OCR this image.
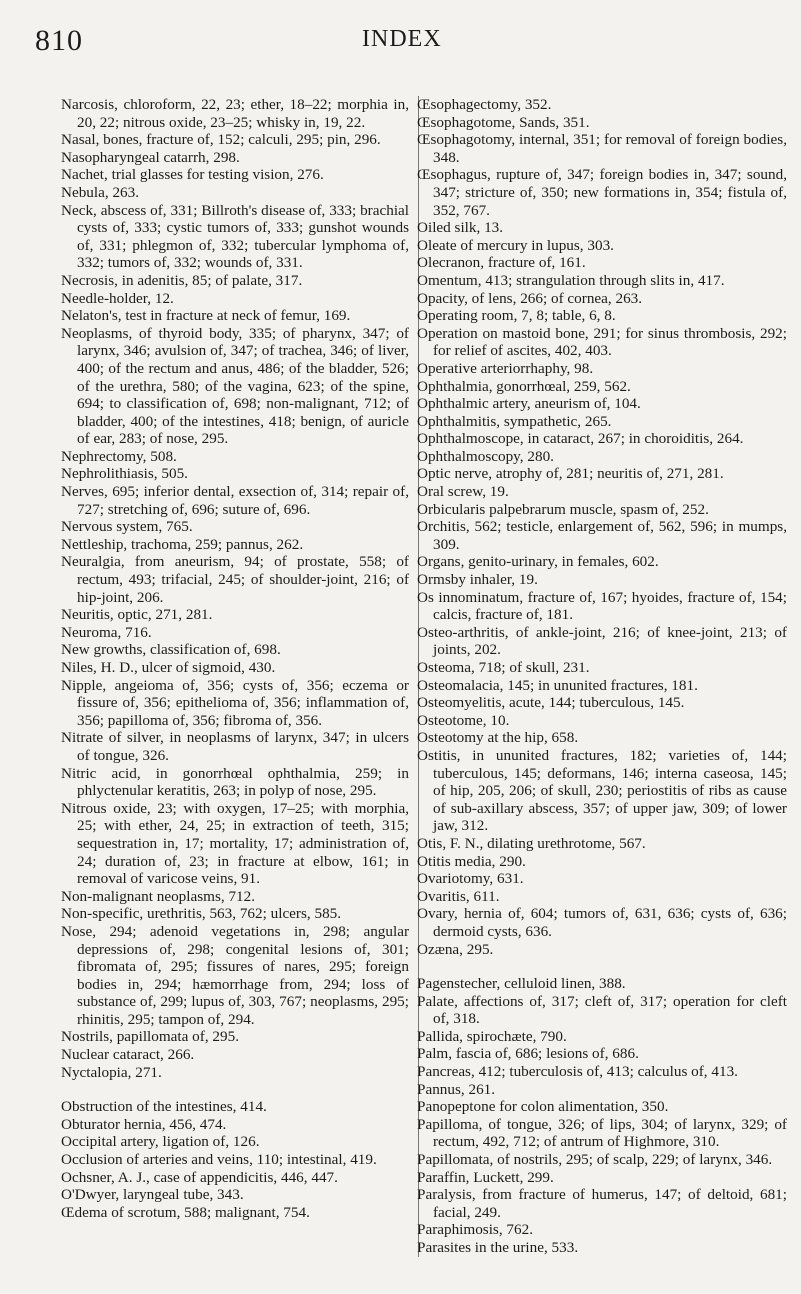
810	INDEX

Narcosis, chloroform, 22, 23; ether, 18–22; morphia in, 20, 22; nitrous oxide, 23–25; whisky in, 19, 22.

Nasal, bones, fracture of, 152; calculi, 295; pin, 296.

Nasopharyngeal catarrh, 298.

Nachet, trial glasses for testing vision, 276.

Nebula, 263.

Neck, abscess of, 331; Billroth's disease of, 333; brachial cysts of, 333; cystic tumors of, 333; gunshot wounds of, 331; phlegmon of, 332; tubercular lymphoma of, 332; tumors of, 332; wounds of, 331.

Necrosis, in adenitis, 85; of palate, 317.

Needle-holder, 12.

Nelaton's, test in fracture at neck of femur, 169.

Neoplasms, of thyroid body, 335; of pharynx, 347; of larynx, 346; avulsion of, 347; of trachea, 346; of liver, 400; of the rectum and anus, 486; of the bladder, 526; of the urethra, 580; of the vagina, 623; of the spine, 694; to classification of, 698; non-malignant, 712; of bladder, 400; of the intestines, 418; benign, of auricle of ear, 283; of nose, 295.

Nephrectomy, 508.

Nephrolithiasis, 505.

Nerves, 695; inferior dental, exsection of, 314; repair of, 727; stretching of, 696; suture of, 696.

Nervous system, 765.

Nettleship, trachoma, 259; pannus, 262.

Neuralgia, from aneurism, 94; of prostate, 558; of rectum, 493; trifacial, 245; of shoulder-joint, 216; of hip-joint, 206.

Neuritis, optic, 271, 281.

Neuroma, 716.

New growths, classification of, 698.

Niles, H. D., ulcer of sigmoid, 430.

Nipple, angeioma of, 356; cysts of, 356; eczema or fissure of, 356; epithelioma of, 356; inflammation of, 356; papilloma of, 356; fibroma of, 356.

Nitrate of silver, in neoplasms of larynx, 347; in ulcers of tongue, 326.

Nitric acid, in gonorrhœal ophthalmia, 259; in phlyctenular keratitis, 263; in polyp of nose, 295.

Nitrous oxide, 23; with oxygen, 17–25; with morphia, 25; with ether, 24, 25; in extraction of teeth, 315; sequestration in, 17; mortality, 17; administration of, 24; duration of, 23; in fracture at elbow, 161; in removal of varicose veins, 91.

Non-malignant neoplasms, 712.

Non-specific, urethritis, 563, 762; ulcers, 585.

Nose, 294; adenoid vegetations in, 298; angular depressions of, 298; congenital lesions of, 301; fibromata of, 295; fissures of nares, 295; foreign bodies in, 294; hæmorrhage from, 294; loss of substance of, 299; lupus of, 303, 767; neoplasms, 295; rhinitis, 295; tampon of, 294.

Nostrils, papillomata of, 295.

Nuclear cataract, 266.

Nyctalopia, 271.

Obstruction of the intestines, 414.

Obturator hernia, 456, 474.

Occipital artery, ligation of, 126.

Occlusion of arteries and veins, 110; intestinal, 419.

Ochsner, A. J., case of appendicitis, 446, 447.

O'Dwyer, laryngeal tube, 343.

Œdema of scrotum, 588; malignant, 754.

Œsophagectomy, 352.

Œsophagotome, Sands, 351.

Œsophagotomy, internal, 351; for removal of foreign bodies, 348.

Œsophagus, rupture of, 347; foreign bodies in, 347; sound, 347; stricture of, 350; new formations in, 354; fistula of, 352, 767.

Oiled silk, 13.

Oleate of mercury in lupus, 303.

Olecranon, fracture of, 161.

Omentum, 413; strangulation through slits in, 417.

Opacity, of lens, 266; of cornea, 263.

Operating room, 7, 8; table, 6, 8.

Operation on mastoid bone, 291; for sinus thrombosis, 292; for relief of ascites, 402, 403.

Operative arteriorrhaphy, 98.

Ophthalmia, gonorrhœal, 259, 562.

Ophthalmic artery, aneurism of, 104.

Ophthalmitis, sympathetic, 265.

Ophthalmoscope, in cataract, 267; in choroiditis, 264.

Ophthalmoscopy, 280.

Optic nerve, atrophy of, 281; neuritis of, 271, 281.

Oral screw, 19.

Orbicularis palpebrarum muscle, spasm of, 252.

Orchitis, 562; testicle, enlargement of, 562, 596; in mumps, 309.

Organs, genito-urinary, in females, 602.

Ormsby inhaler, 19.

Os innominatum, fracture of, 167; hyoides, fracture of, 154; calcis, fracture of, 181.

Osteo-arthritis, of ankle-joint, 216; of knee-joint, 213; of joints, 202.

Osteoma, 718; of skull, 231.

Osteomalacia, 145; in ununited fractures, 181.

Osteomyelitis, acute, 144; tuberculous, 145.

Osteotome, 10.

Osteotomy at the hip, 658.

Ostitis, in ununited fractures, 182; varieties of, 144; tuberculous, 145; deformans, 146; interna caseosa, 145; of hip, 205, 206; of skull, 230; periostitis of ribs as cause of sub-axillary abscess, 357; of upper jaw, 309; of lower jaw, 312.

Otis, F. N., dilating urethrotome, 567.

Otitis media, 290.

Ovariotomy, 631.

Ovaritis, 611.

Ovary, hernia of, 604; tumors of, 631, 636; cysts of, 636; dermoid cysts, 636.

Ozæna, 295.

Pagenstecher, celluloid linen, 388.

Palate, affections of, 317; cleft of, 317; operation for cleft of, 318.

Pallida, spirochæte, 790.

Palm, fascia of, 686; lesions of, 686.

Pancreas, 412; tuberculosis of, 413; calculus of, 413.

Pannus, 261.

Panopeptone for colon alimentation, 350.

Papilloma, of tongue, 326; of lips, 304; of larynx, 329; of rectum, 492, 712; of antrum of Highmore, 310.

Papillomata, of nostrils, 295; of scalp, 229; of larynx, 346.

Paraffin, Luckett, 299.

Paralysis, from fracture of humerus, 147; of deltoid, 681; facial, 249.

Paraphimosis, 762.

Parasites in the urine, 533.
